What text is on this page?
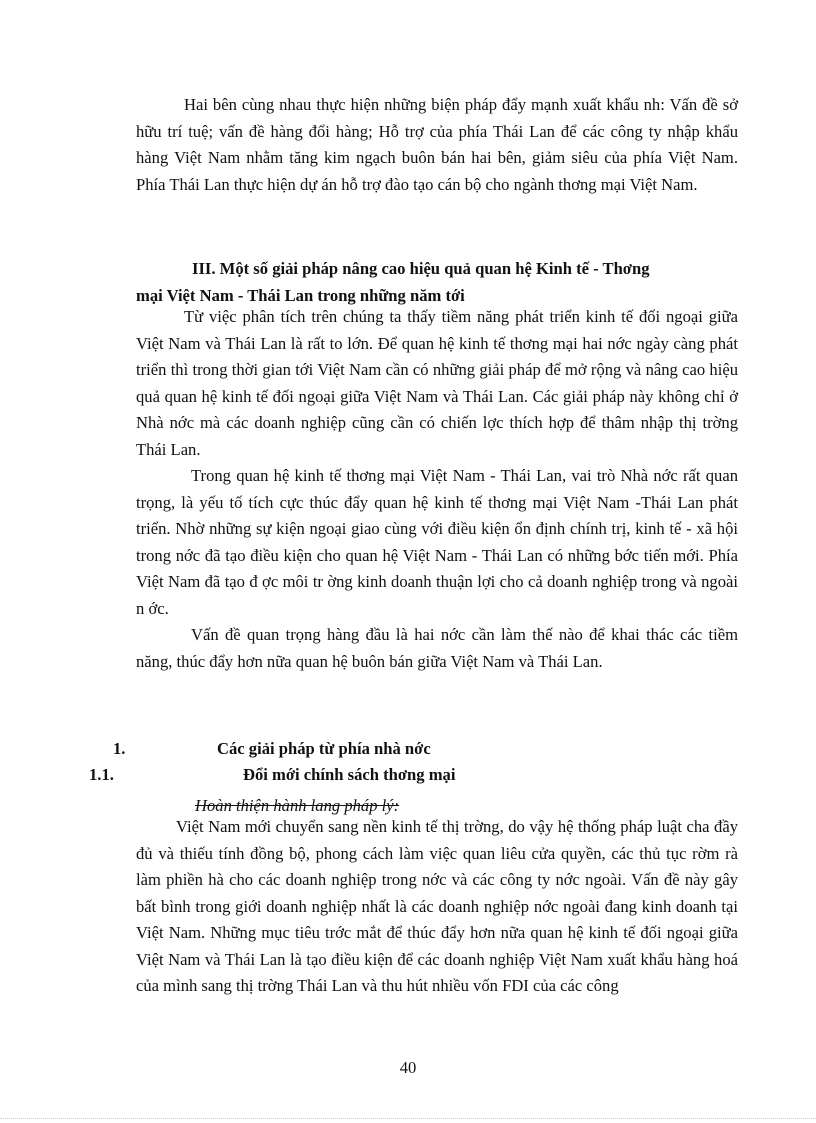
Hai bên cùng nhau thực hiện những biện pháp đẩy mạnh xuất khẩu nh: Vấn đề sở hữu trí tuệ; vấn đề hàng đổi hàng; Hỗ trợ của phía Thái Lan để các công ty nhập khẩu hàng Việt Nam nhằm tăng kim ngạch buôn bán hai bên, giảm siêu của phía Việt Nam. Phía Thái Lan thực hiện dự án hỗ trợ đào tạo cán bộ cho ngành thơng mại Việt Nam.

III. Một số giải pháp nâng cao hiệu quả quan hệ Kinh tế - Thơng
mại Việt Nam - Thái Lan trong những năm tới

Từ việc phân tích trên chúng ta thấy tiềm năng phát triển kinh tế đối ngoại giữa Việt Nam và Thái Lan là rất to lớn. Để quan hệ kinh tế thơng mại hai nớc ngày càng phát triển thì trong thời gian tới Việt Nam cần có những giải pháp để mở rộng và nâng cao hiệu quả quan hệ kinh tế đối ngoại giữa Việt Nam và Thái Lan. Các giải pháp này không chỉ ở Nhà nớc mà các doanh nghiệp cũng cần có chiến lợc thích hợp để thâm nhập thị trờng Thái Lan.

Trong quan hệ kinh tế thơng mại Việt Nam - Thái Lan, vai trò Nhà nớc rất quan trọng, là yếu tố tích cực thúc đẩy quan hệ kinh tế thơng mại Việt Nam -Thái Lan phát triển. Nhờ những sự kiện ngoại giao cùng với điều kiện ổn định chính trị, kinh tế - xã hội trong nớc đã tạo điều kiện cho quan hệ Việt Nam - Thái Lan có những bớc tiến mới. Phía Việt Nam đã tạo đ ợc môi tr ờng kinh doanh thuận lợi cho cả doanh nghiệp trong và ngoài n ớc.

Vấn đề quan trọng hàng đầu là hai nớc cần làm thế nào để khai thác các tiềm năng, thúc đẩy hơn nữa quan hệ buôn bán giữa Việt Nam và Thái Lan.

1.	Các giải pháp từ phía nhà nớc
1.1.	Đổi mới chính sách thơng mại
Hoàn thiện hành lang pháp lý:

Việt Nam mới chuyển sang nền kinh tế thị trờng, do vậy hệ thống pháp luật cha đầy đủ và thiếu tính đồng bộ, phong cách làm việc quan liêu cửa quyền, các thủ tục rờm rà làm phiền hà cho các doanh nghiệp trong nớc và các công ty nớc ngoài. Vấn đề này gây bất bình trong giới doanh nghiệp nhất là các doanh nghiệp nớc ngoài đang kinh doanh tại Việt Nam. Những mục tiêu trớc mắt để thúc đẩy hơn nữa quan hệ kinh tế đối ngoại giữa Việt Nam và Thái Lan là tạo điều kiện để các doanh nghiệp Việt Nam xuất khẩu hàng hoá của mình sang thị trờng Thái Lan và thu hút nhiều vốn FDI của các công

40
